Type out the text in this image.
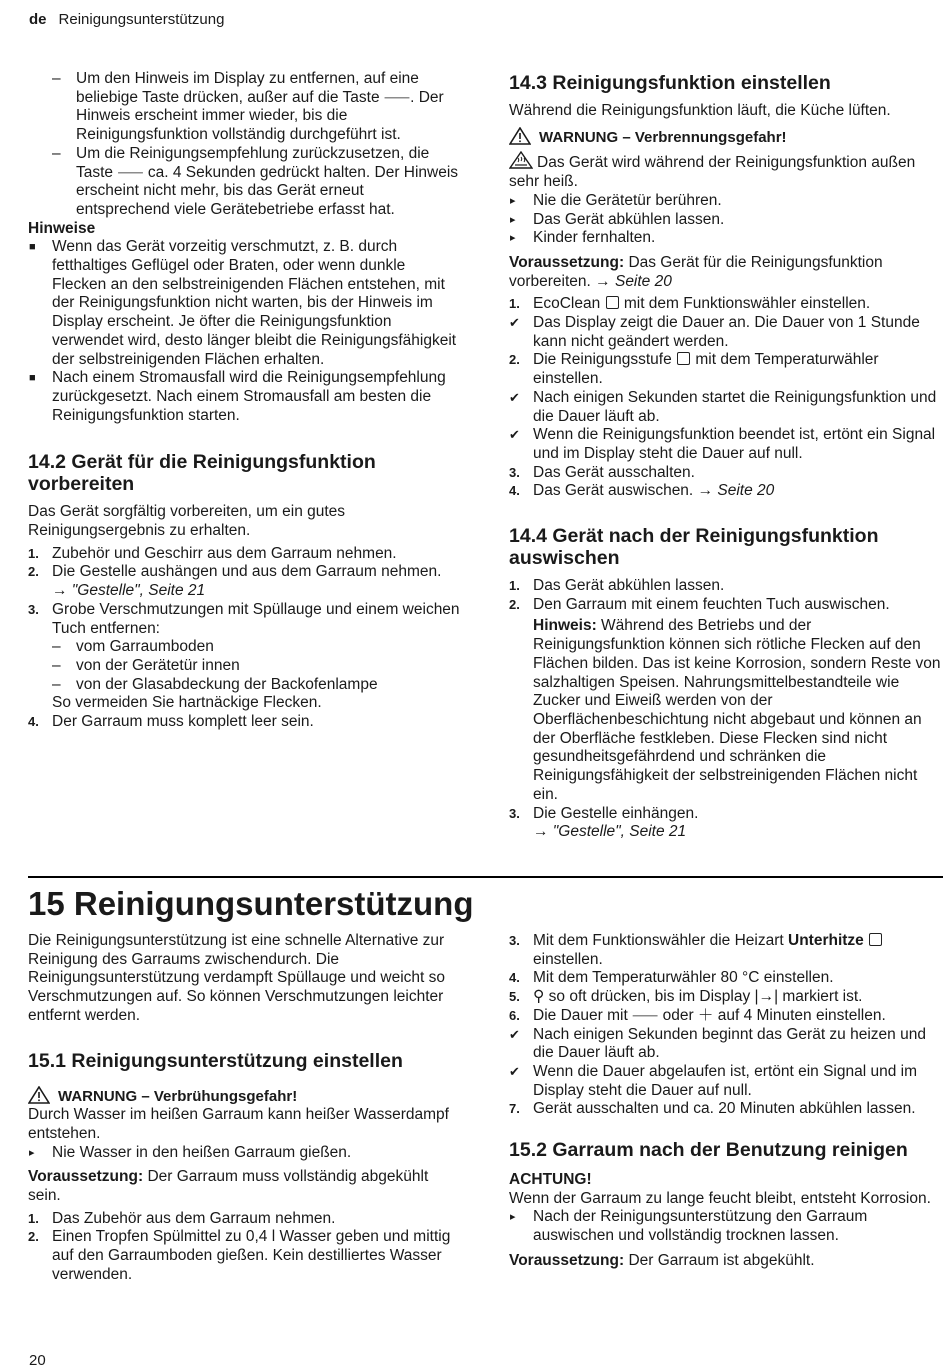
de Reinigungsunterstützung
– Um den Hinweis im Display zu entfernen, auf eine beliebige Taste drücken, außer auf die Taste ⸺. Der Hinweis erscheint immer wieder, bis die Reinigungsfunktion vollständig durchgeführt ist.
– Um die Reinigungsempfehlung zurückzusetzen, die Taste ⸺ ca. 4 Sekunden gedrückt halten. Der Hinweis erscheint nicht mehr, bis das Gerät erneut entsprechend viele Gerätebetriebe erfasst hat.
Hinweise
■ Wenn das Gerät vorzeitig verschmutzt, z. B. durch fetthaltiges Geflügel oder Braten, oder wenn dunkle Flecken an den selbstreinigenden Flächen entstehen, mit der Reinigungsfunktion nicht warten, bis der Hinweis im Display erscheint. Je öfter die Reinigungsfunktion verwendet wird, desto länger bleibt die Reinigungsfähigkeit der selbstreinigenden Flächen erhalten.
■ Nach einem Stromausfall wird die Reinigungsempfehlung zurückgesetzt. Nach einem Stromausfall am besten die Reinigungsfunktion starten.
14.2 Gerät für die Reinigungsfunktion vorbereiten
Das Gerät sorgfältig vorbereiten, um ein gutes Reinigungsergebnis zu erhalten.
1. Zubehör und Geschirr aus dem Garraum nehmen.
2. Die Gestelle aushängen und aus dem Garraum nehmen.
→ "Gestelle", Seite 21
3. Grobe Verschmutzungen mit Spüllauge und einem weichen Tuch entfernen:
– vom Garraumboden
– von der Gerätetür innen
– von der Glasabdeckung der Backofenlampe
So vermeiden Sie hartnäckige Flecken.
4. Der Garraum muss komplett leer sein.
14.3 Reinigungsfunktion einstellen
Während die Reinigungsfunktion läuft, die Küche lüften.
WARNUNG – Verbrennungsgefahr!
Das Gerät wird während der Reinigungsfunktion außen sehr heiß.
▸ Nie die Gerätetür berühren.
▸ Das Gerät abkühlen lassen.
▸ Kinder fernhalten.
Voraussetzung: Das Gerät für die Reinigungsfunktion vorbereiten. → Seite 20
1. EcoClean mit dem Funktionswähler einstellen.
✔ Das Display zeigt die Dauer an. Die Dauer von 1 Stunde kann nicht geändert werden.
2. Die Reinigungsstufe mit dem Temperaturwähler einstellen.
✔ Nach einigen Sekunden startet die Reinigungsfunktion und die Dauer läuft ab.
✔ Wenn die Reinigungsfunktion beendet ist, ertönt ein Signal und im Display steht die Dauer auf null.
3. Das Gerät ausschalten.
4. Das Gerät auswischen. → Seite 20
14.4 Gerät nach der Reinigungsfunktion auswischen
1. Das Gerät abkühlen lassen.
2. Den Garraum mit einem feuchten Tuch auswischen.
Hinweis: Während des Betriebs und der Reinigungsfunktion können sich rötliche Flecken auf den Flächen bilden. Das ist keine Korrosion, sondern Reste von salzhaltigen Speisen. Nahrungsmittelbestandteile wie Zucker und Eiweiß werden von der Oberflächenbeschichtung nicht abgebaut und können an der Oberfläche festkleben. Diese Flecken sind nicht gesundheitsgefährdend und schränken die Reinigungsfähigkeit der selbstreinigenden Flächen nicht ein.
3. Die Gestelle einhängen.
→ "Gestelle", Seite 21
15 Reinigungsunterstützung
Die Reinigungsunterstützung ist eine schnelle Alternative zur Reinigung des Garraums zwischendurch. Die Reinigungsunterstützung verdampft Spüllauge und weicht so Verschmutzungen auf. So können Verschmutzungen leichter entfernt werden.
15.1 Reinigungsunterstützung einstellen
WARNUNG – Verbrühungsgefahr!
Durch Wasser im heißen Garraum kann heißer Wasserdampf entstehen.
▸ Nie Wasser in den heißen Garraum gießen.
Voraussetzung: Der Garraum muss vollständig abgekühlt sein.
1. Das Zubehör aus dem Garraum nehmen.
2. Einen Tropfen Spülmittel zu 0,4 l Wasser geben und mittig auf den Garraumboden gießen. Kein destilliertes Wasser verwenden.
3. Mit dem Funktionswähler die Heizart Unterhitze  einstellen.
4. Mit dem Temperaturwähler 80 °C einstellen.
5. ⚲ so oft drücken, bis im Display |→| markiert ist.
6. Die Dauer mit ⸺ oder ＋ auf 4 Minuten einstellen.
✔ Nach einigen Sekunden beginnt das Gerät zu heizen und die Dauer läuft ab.
✔ Wenn die Dauer abgelaufen ist, ertönt ein Signal und im Display steht die Dauer auf null.
7. Gerät ausschalten und ca. 20 Minuten abkühlen lassen.
15.2 Garraum nach der Benutzung reinigen
ACHTUNG!
Wenn der Garraum zu lange feucht bleibt, entsteht Korrosion.
▸ Nach der Reinigungsunterstützung den Garraum auswischen und vollständig trocknen lassen.
Voraussetzung: Der Garraum ist abgekühlt.
20
